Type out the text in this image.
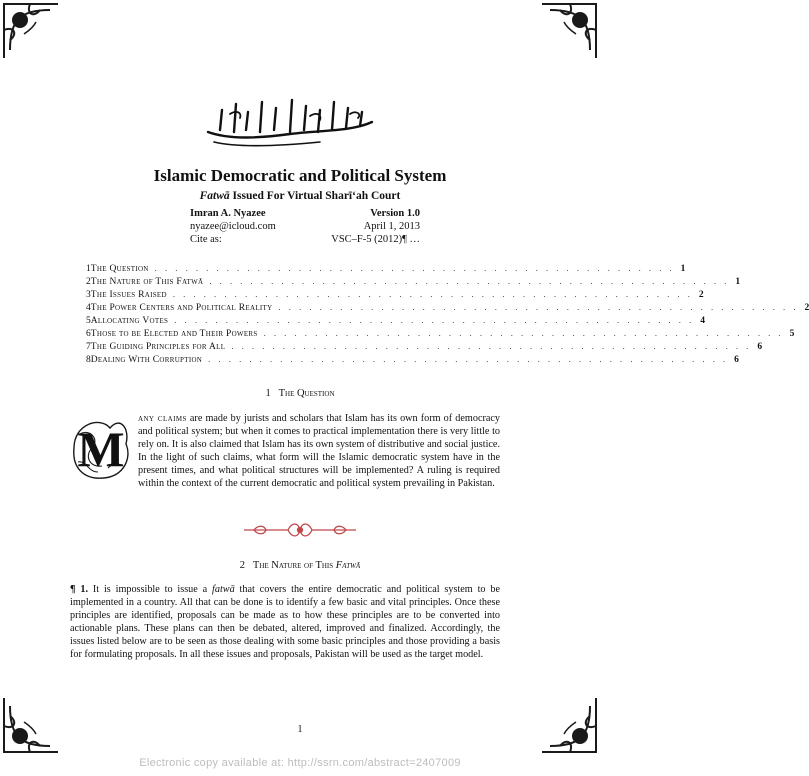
Islamic Democratic and Political System
Fatwā Issued For Virtual Sharī‘ah Court
Imran A. Nyazee	Version 1.0
nyazee@icloud.com	April 1, 2013
Cite as:	VSC–F-5 (2012)¶ …
1 The Question . . . . . . . . . . . . . . . . . . . . . . . . . . . . . . . . . . . . . . . . . . . . . . . . . . . 1
2 The Nature of This Fatwā . . . . . . . . . . . . . . . . . . . . . . . . . . . . . . . . . . . . . . . . . . . . . . . . . . . 1
3 The Issues Raised . . . . . . . . . . . . . . . . . . . . . . . . . . . . . . . . . . . . . . . . . . . . . . . . . . . 2
4 The Power Centers and Political Reality . . . . . . . . . . . . . . . . . . . . . . . . . . . . . . . . . . . . . . . . . . . . . . . . . . . 2
5 Allocating Votes . . . . . . . . . . . . . . . . . . . . . . . . . . . . . . . . . . . . . . . . . . . . . . . . . . . 4
6 Those to be Elected and Their Powers . . . . . . . . . . . . . . . . . . . . . . . . . . . . . . . . . . . . . . . . . . . . . . . . . . . 5
7 The Guiding Principles for All . . . . . . . . . . . . . . . . . . . . . . . . . . . . . . . . . . . . . . . . . . . . . . . . . . . 6
8 Dealing With Corruption . . . . . . . . . . . . . . . . . . . . . . . . . . . . . . . . . . . . . . . . . . . . . . . . . . . 6
1 The Question
M
any claims are made by jurists and scholars that Islam has its own form of democracy and political system; but when it comes to practical implementation there is very little to rely on. It is also claimed that Islam has its own system of distributive and social justice. In the light of such claims, what form will the Islamic democratic system have in the present times, and what political structures will be implemented? A ruling is required within the context of the current democratic and political system prevailing in Pakistan.
2 The Nature of This Fatwā
¶ 1. It is impossible to issue a fatwā that covers the entire democratic and political system to be implemented in a country. All that can be done is to identify a few basic and vital principles. Once these principles are identified, proposals can be made as to how these principles are to be converted into actionable plans. These plans can then be debated, altered, improved and finalized. Accordingly, the issues listed below are to be seen as those dealing with some basic principles and those providing a basis for formulating proposals. In all these issues and proposals, Pakistan will be used as the target model.
1
Electronic copy available at: http://ssrn.com/abstract=2407009
